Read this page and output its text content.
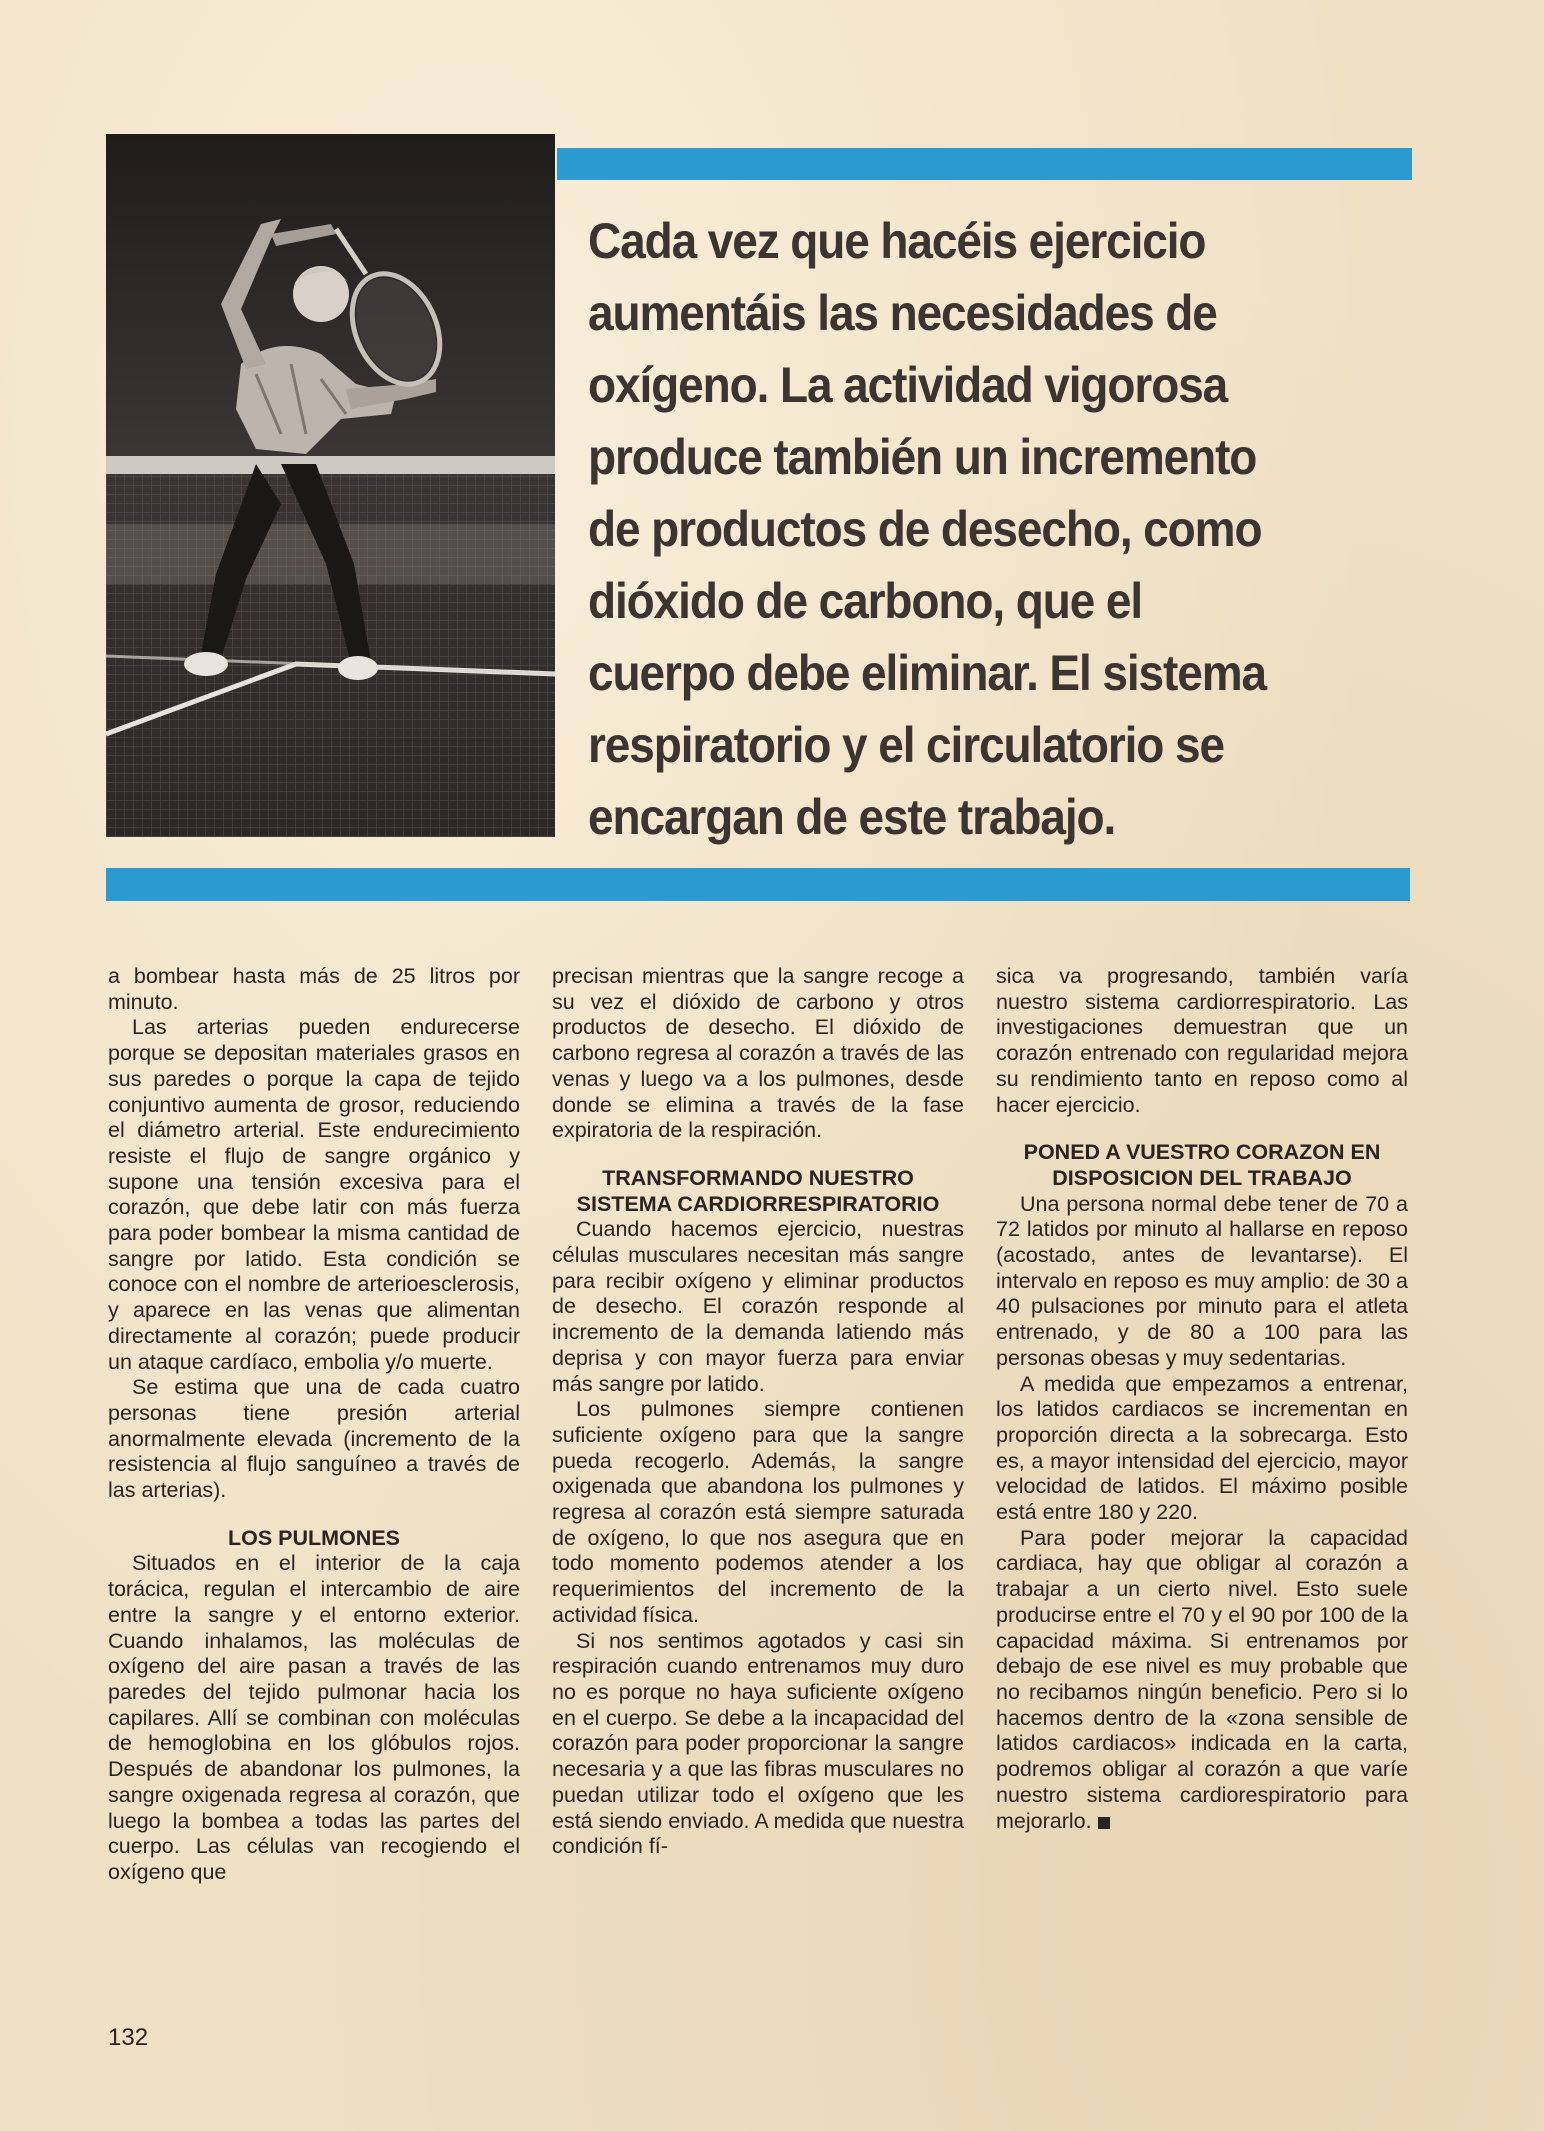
Cada vez que hacéis ejercicio
aumentáis las necesidades de
oxígeno. La actividad vigorosa
produce también un incremento
de productos de desecho, como
dióxido de carbono, que el
cuerpo debe eliminar. El sistema
respiratorio y el circulatorio se
encargan de este trabajo.

a bombear hasta más de 25 litros por minuto.

Las arterias pueden endurecerse porque se depositan materiales grasos en sus paredes o porque la capa de tejido conjuntivo aumenta de grosor, reduciendo el diámetro arterial. Este endurecimiento resiste el flujo de sangre orgánico y supone una tensión excesiva para el corazón, que debe latir con más fuerza para poder bombear la misma cantidad de sangre por latido. Esta condición se conoce con el nombre de arterioesclerosis, y aparece en las venas que alimentan directamente al corazón; puede producir un ataque cardíaco, embolia y/o muerte.

Se estima que una de cada cuatro personas tiene presión arterial anormalmente elevada (incremento de la resistencia al flujo sanguíneo a través de las arterias).

LOS PULMONES

Situados en el interior de la caja torácica, regulan el intercambio de aire entre la sangre y el entorno exterior. Cuando inhalamos, las moléculas de oxígeno del aire pasan a través de las paredes del tejido pulmonar hacia los capilares. Allí se combinan con moléculas de hemoglobina en los glóbulos rojos. Después de abandonar los pulmones, la sangre oxigenada regresa al corazón, que luego la bombea a todas las partes del cuerpo. Las células van recogiendo el oxígeno que

precisan mientras que la sangre recoge a su vez el dióxido de carbono y otros productos de desecho. El dióxido de carbono regresa al corazón a través de las venas y luego va a los pulmones, desde donde se elimina a través de la fase expiratoria de la respiración.

TRANSFORMANDO NUESTRO SISTEMA CARDIORRESPIRATORIO

Cuando hacemos ejercicio, nuestras células musculares necesitan más sangre para recibir oxígeno y eliminar productos de desecho. El corazón responde al incremento de la demanda latiendo más deprisa y con mayor fuerza para enviar más sangre por latido.

Los pulmones siempre contienen suficiente oxígeno para que la sangre pueda recogerlo. Además, la sangre oxigenada que abandona los pulmones y regresa al corazón está siempre saturada de oxígeno, lo que nos asegura que en todo momento podemos atender a los requerimientos del incremento de la actividad física.

Si nos sentimos agotados y casi sin respiración cuando entrenamos muy duro no es porque no haya suficiente oxígeno en el cuerpo. Se debe a la incapacidad del corazón para poder proporcionar la sangre necesaria y a que las fibras musculares no puedan utilizar todo el oxígeno que les está siendo enviado. A medida que nuestra condición fí-

sica va progresando, también varía nuestro sistema cardiorrespiratorio. Las investigaciones demuestran que un corazón entrenado con regularidad mejora su rendimiento tanto en reposo como al hacer ejercicio.

PONED A VUESTRO CORAZON EN DISPOSICION DEL TRABAJO

Una persona normal debe tener de 70 a 72 latidos por minuto al hallarse en reposo (acostado, antes de levantarse). El intervalo en reposo es muy amplio: de 30 a 40 pulsaciones por minuto para el atleta entrenado, y de 80 a 100 para las personas obesas y muy sedentarias.

A medida que empezamos a entrenar, los latidos cardiacos se incrementan en proporción directa a la sobrecarga. Esto es, a mayor intensidad del ejercicio, mayor velocidad de latidos. El máximo posible está entre 180 y 220.

Para poder mejorar la capacidad cardiaca, hay que obligar al corazón a trabajar a un cierto nivel. Esto suele producirse entre el 70 y el 90 por 100 de la capacidad máxima. Si entrenamos por debajo de ese nivel es muy probable que no recibamos ningún beneficio. Pero si lo hacemos dentro de la «zona sensible de latidos cardiacos» indicada en la carta, podremos obligar al corazón a que varíe nuestro sistema cardiorespiratorio para mejorarlo.

132
